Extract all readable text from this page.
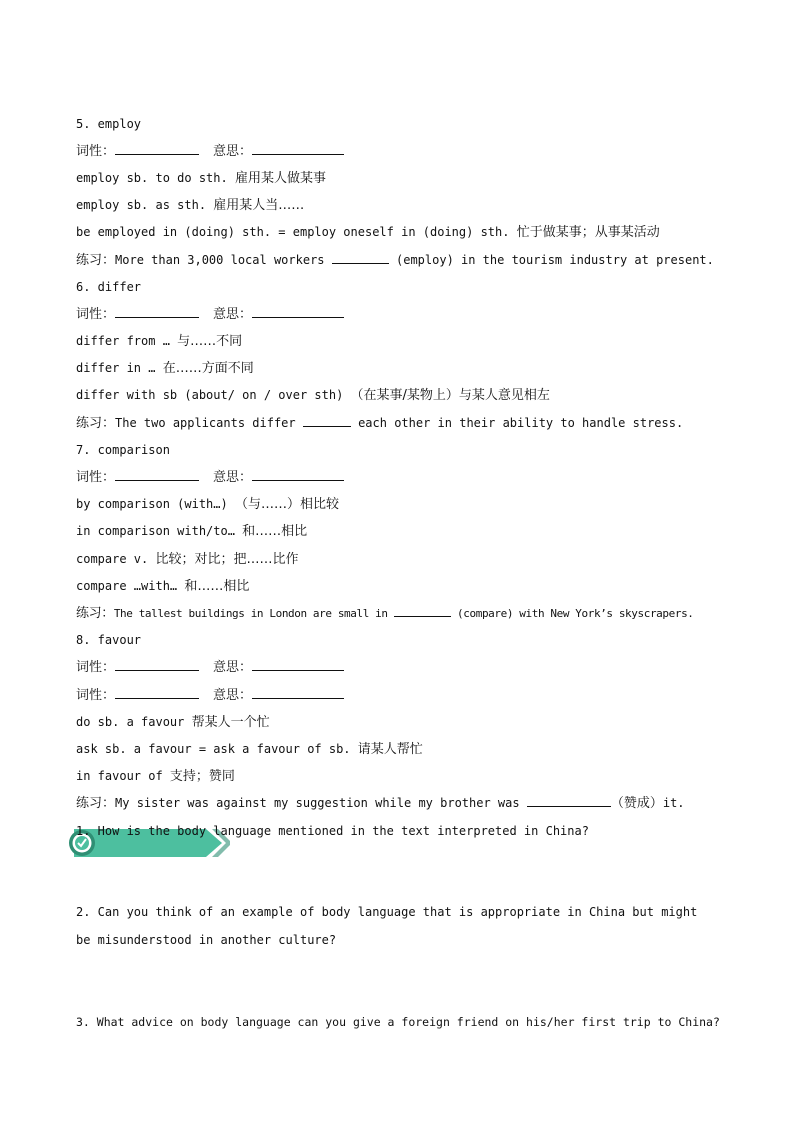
5. employ
词性：	意思：
employ sb. to do sth. 雇用某人做某事
employ sb. as sth. 雇用某人当……
be employed in (doing) sth. = employ oneself in (doing) sth. 忙于做某事；从事某活动
练习：More than 3,000 local workers	(employ) in the tourism industry at present.
6. differ
词性：	意思：
differ from … 与……不同
differ in … 在……方面不同
differ with sb (about/ on / over sth) （在某事/某物上）与某人意见相左
练习：The two applicants differ	each other in their ability to handle stress.
7. comparison
词性：	意思：
by comparison (with…) （与……）相比较
in comparison with/to… 和……相比
compare v. 比较；对比；把……比作
compare …with… 和……相比
练习：The tallest buildings in London are small in	(compare) with New York’s skyscrapers.
8. favour
词性：	意思：
词性：	意思：
do sb. a favour 帮某人一个忙
ask sb. a favour = ask a favour of sb. 请某人帮忙
in favour of 支持；赞同
练习：My sister was against my suggestion while my brother was	（赞成）it.
1. How is the body language mentioned in the text interpreted in China?
2. Can you think of an example of body language that is appropriate in China but might be misunderstood in another culture?
3. What advice on body language can you give a foreign friend on his/her first trip to China?
